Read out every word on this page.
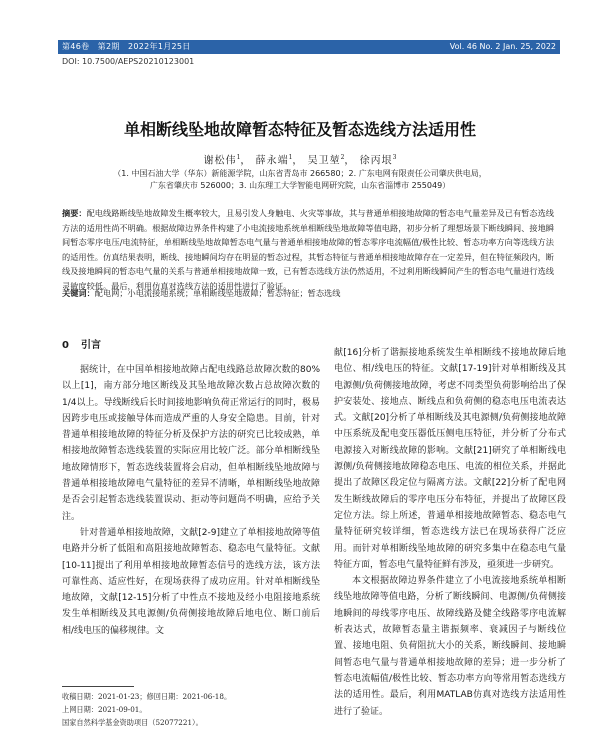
第46卷　第2期　2022年1月25日	Vol. 46 No. 2 Jan. 25, 2022
DOI: 10.7500/AEPS20210123001
单相断线坠地故障暂态特征及暂态选线方法适用性
谢松伟$^1$， 薛永端$^1$， 吴卫堃$^2$， 徐丙垠$^3$
（1. 中国石油大学（华东）新能源学院，山东省青岛市 266580；2. 广东电网有限责任公司肇庆供电局，
广东省肇庆市 526000；3. 山东理工大学智能电网研究院，山东省淄博市 255049）
摘要：配电线路断线坠地故障发生概率较大，且易引发人身触电、火灾等事故，其与普通单相接地故障的暂态电气量差异及已有暂态选线方法的适用性尚不明确。根据故障边界条件构建了小电流接地系统单相断线坠地故障等值电路，初步分析了理想场景下断线瞬间、接地瞬间暂态零序电压/电流特征，单相断线坠地故障暂态电气量与普通单相接地故障的暂态零序电流幅值/极性比较、暂态功率方向等选线方法的适用性。仿真结果表明，断线、接地瞬间均存在明显的暂态过程，其暂态特征与普通单相接地故障存在一定差异，但在特征频段内，断线及接地瞬间的暂态电气量的关系与普通单相接地故障一致，已有暂态选线方法仍然适用，不过利用断线瞬间产生的暂态电气量进行选线灵敏度较低。最后，利用仿真对选线方法的适用性进行了验证。
关键词：配电网；小电流接地系统；单相断线坠地故障；暂态特征；暂态选线
0 引言

据统计，在中国单相接地故障占配电线路总故障次数的80%以上[1]，南方部分地区断线及其坠地故障次数占总故障次数的1/4以上。导线断线后长时间接地影响负荷正常运行的同时，极易因跨步电压或接触导体而造成严重的人身安全隐患。目前，针对普通单相接地故障的特征分析及保护方法的研究已比较成熟，单相接地故障暂态选线装置的实际应用比较广泛。部分单相断线坠地故障情形下，暂态选线装置将会启动，但单相断线坠地故障与普通单相接地故障电气量特征的差异不清晰，单相断线坠地故障是否会引起暂态选线装置误动、拒动等问题尚不明确，应给予关注。

针对普通单相接地故障，文献[2-9]建立了单相接地故障等值电路并分析了低阻和高阻接地故障暂态、稳态电气量特征。文献[10-11]提出了利用单相接地故障暂态信号的选线方法，该方法可靠性高、适应性好，在现场获得了成功应用。针对单相断线坠地故障，文献[12-15]分析了中性点不接地及经小电阻接地系统发生单相断线及其电源侧/负荷侧接地故障后地电位、断口前后相/线电压的偏移规律。文

献[16]分析了谐振接地系统发生单相断线不接地故障后地电位、相/线电压的特征。文献[17-19]针对单相断线及其电源侧/负荷侧接地故障，考虑不同类型负荷影响给出了保护安装处、接地点、断线点和负荷侧的稳态电压电流表达式。文献[20]分析了单相断线及其电源侧/负荷侧接地故障中压系统及配电变压器低压侧电压特征，并分析了分布式电源接入对断线故障的影响。文献[21]研究了单相断线电源侧/负荷侧接地故障稳态电压、电流的相位关系，并据此提出了故障区段定位与隔离方法。文献[22]分析了配电网发生断线故障后的零序电压分布特征，并提出了故障区段定位方法。综上所述，普通单相接地故障暂态、稳态电气量特征研究较详细，暂态选线方法已在现场获得广泛应用。而针对单相断线坠地故障的研究多集中在稳态电气量特征方面，暂态电气量特征鲜有涉及，亟须进一步研究。

本文根据故障边界条件建立了小电流接地系统单相断线坠地故障等值电路，分析了断线瞬间、电源侧/负荷侧接地瞬间的母线零序电压、故障线路及健全线路零序电流解析表达式，故障暂态量主谐振频率、衰减因子与断线位置、接地电阻、负荷阻抗大小的关系，断线瞬间、接地瞬间暂态电气量与普通单相接地故障的差异；进一步分析了暂态电流幅值/极性比较、暂态功率方向等常用暂态选线方法的适用性。最后，利用MATLAB仿真对选线方法适用性进行了验证。

收稿日期：2021-01-23；修回日期：2021-06-18。
上网日期：2021-09-01。
国家自然科学基金资助项目（52077221）。
